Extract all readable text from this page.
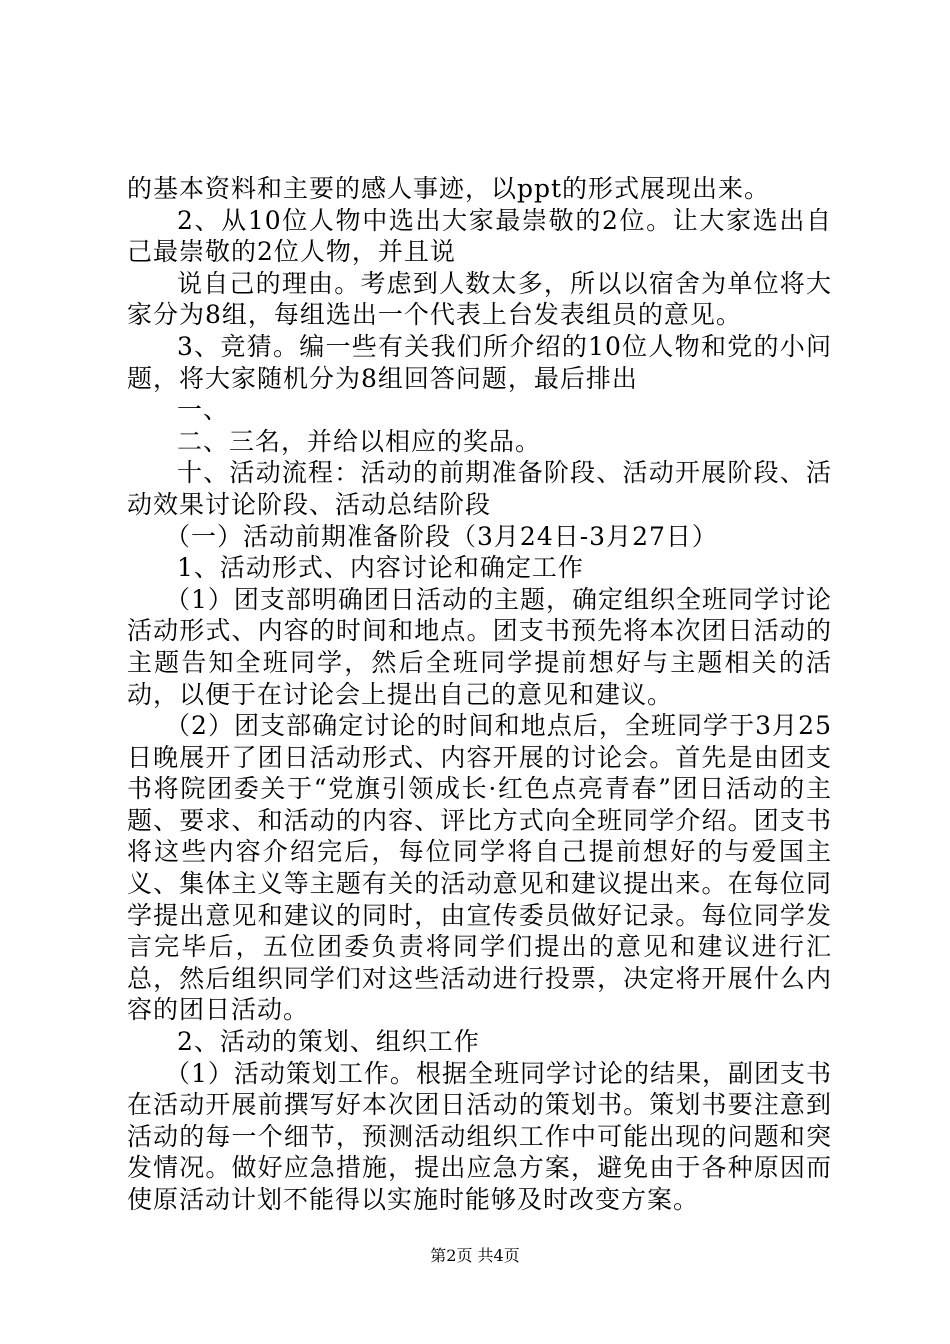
的基本资料和主要的感人事迹，以ppt的形式展现出来。

2、从10位人物中选出大家最崇敬的2位。让大家选出自己最崇敬的2位人物，并且说

说自己的理由。考虑到人数太多，所以以宿舍为单位将大家分为8组，每组选出一个代表上台发表组员的意见。

3、竞猜。编一些有关我们所介绍的10位人物和党的小问题，将大家随机分为8组回答问题，最后排出

一、

二、三名，并给以相应的奖品。

十、活动流程：活动的前期准备阶段、活动开展阶段、活动效果讨论阶段、活动总结阶段

（一）活动前期准备阶段（3月24日-3月27日）

1、活动形式、内容讨论和确定工作

（1）团支部明确团日活动的主题，确定组织全班同学讨论活动形式、内容的时间和地点。团支书预先将本次团日活动的主题告知全班同学，然后全班同学提前想好与主题相关的活动，以便于在讨论会上提出自己的意见和建议。

（2）团支部确定讨论的时间和地点后，全班同学于3月25日晚展开了团日活动形式、内容开展的讨论会。首先是由团支书将院团委关于“党旗引领成长·红色点亮青春”团日活动的主题、要求、和活动的内容、评比方式向全班同学介绍。团支书将这些内容介绍完后，每位同学将自己提前想好的与爱国主义、集体主义等主题有关的活动意见和建议提出来。在每位同学提出意见和建议的同时，由宣传委员做好记录。每位同学发言完毕后，五位团委负责将同学们提出的意见和建议进行汇总，然后组织同学们对这些活动进行投票，决定将开展什么内容的团日活动。

2、活动的策划、组织工作

（1）活动策划工作。根据全班同学讨论的结果，副团支书在活动开展前撰写好本次团日活动的策划书。策划书要注意到活动的每一个细节，预测活动组织工作中可能出现的问题和突发情况。做好应急措施，提出应急方案，避免由于各种原因而使原活动计划不能得以实施时能够及时改变方案。

第2页 共4页
